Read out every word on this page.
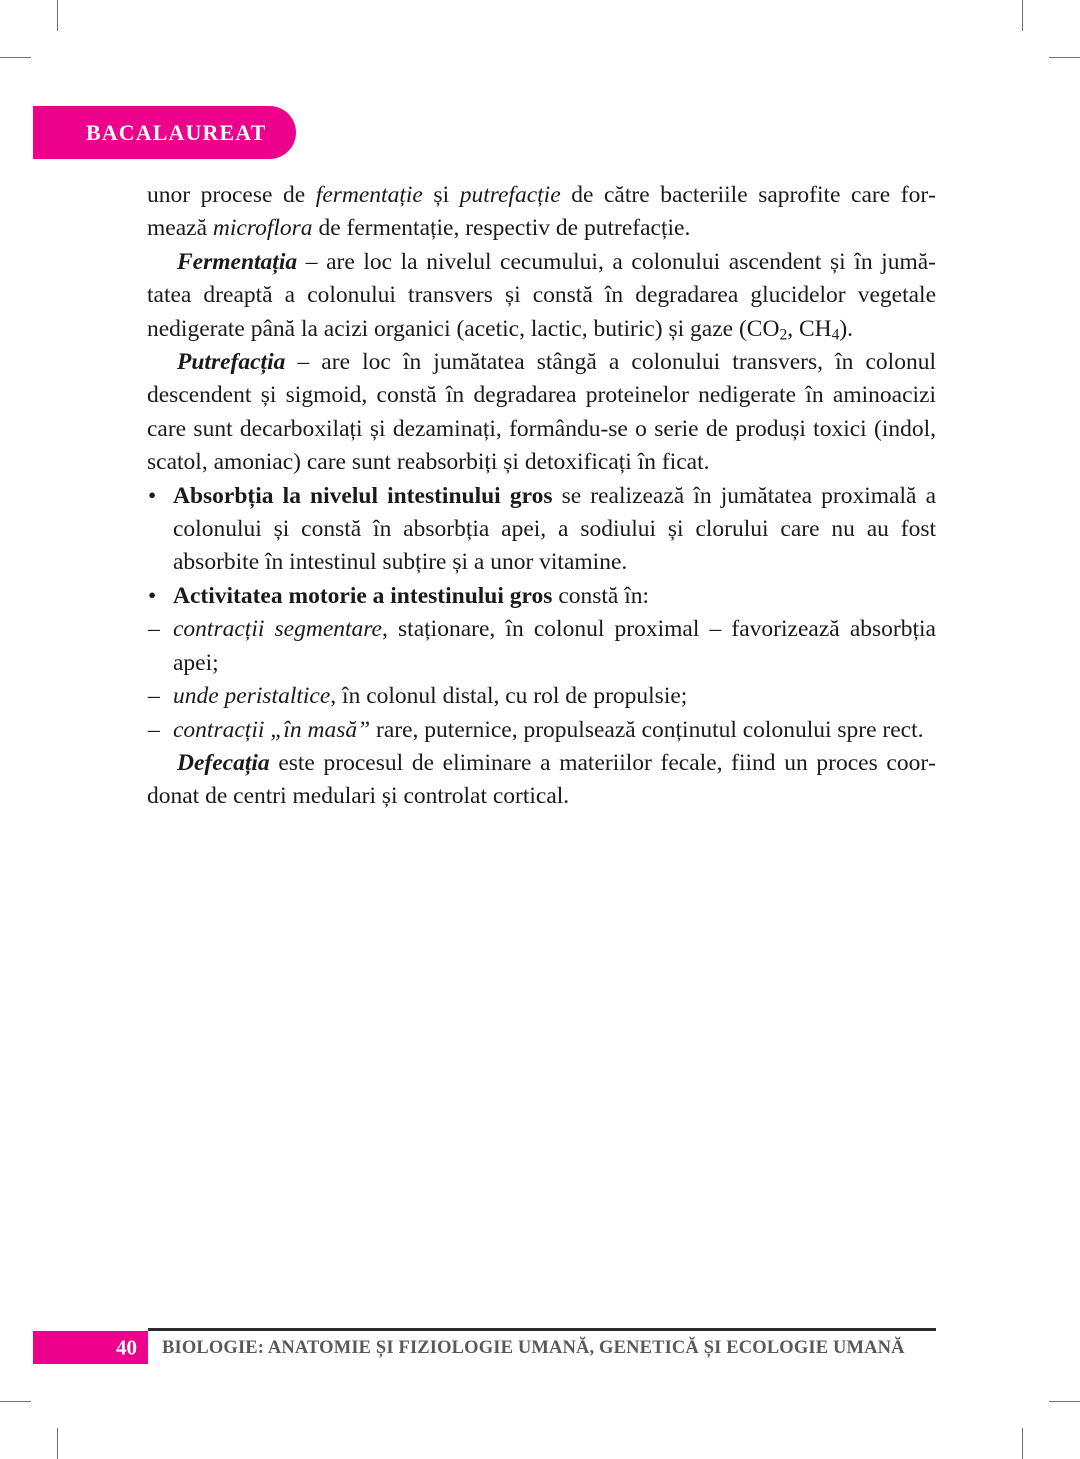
BACALAUREAT

unor procese de fermentație și putrefacție de către bacteriile saprofite care formează microflora de fermentație, respectiv de putrefacție.

Fermentația – are loc la nivelul cecumului, a colonului ascendent și în jumătatea dreaptă a colonului transvers și constă în degradarea glucidelor vegetale nedigerate până la acizi organici (acetic, lactic, butiric) și gaze ($CO_2$, $CH_4$).

Putrefacția – are loc în jumătatea stângă a colonului transvers, în colonul descendent și sigmoid, constă în degradarea proteinelor nedigerate în aminoacizi care sunt decarboxilați și dezaminați, formându-se o serie de produși toxici (indol, scatol, amoniac) care sunt reabsorbiți și detoxificați în ficat.

• Absorbția la nivelul intestinului gros se realizează în jumătatea proximală a colonului și constă în absorbția apei, a sodiului și clorului care nu au fost absorbite în intestinul subțire și a unor vitamine.
• Activitatea motorie a intestinului gros constă în:
– contracții segmentare, staționare, în colonul proximal – favorizează absorbția apei;
– unde peristaltice, în colonul distal, cu rol de propulsie;
– contracții „în masă” rare, puternice, propulsează conținutul colonului spre rect.

Defecația este procesul de eliminare a materiilor fecale, fiind un proces coordonat de centri medulari și controlat cortical.

40 BIOLOGIE: ANATOMIE ȘI FIZIOLOGIE UMANĂ, GENETICĂ ȘI ECOLOGIE UMANĂ
